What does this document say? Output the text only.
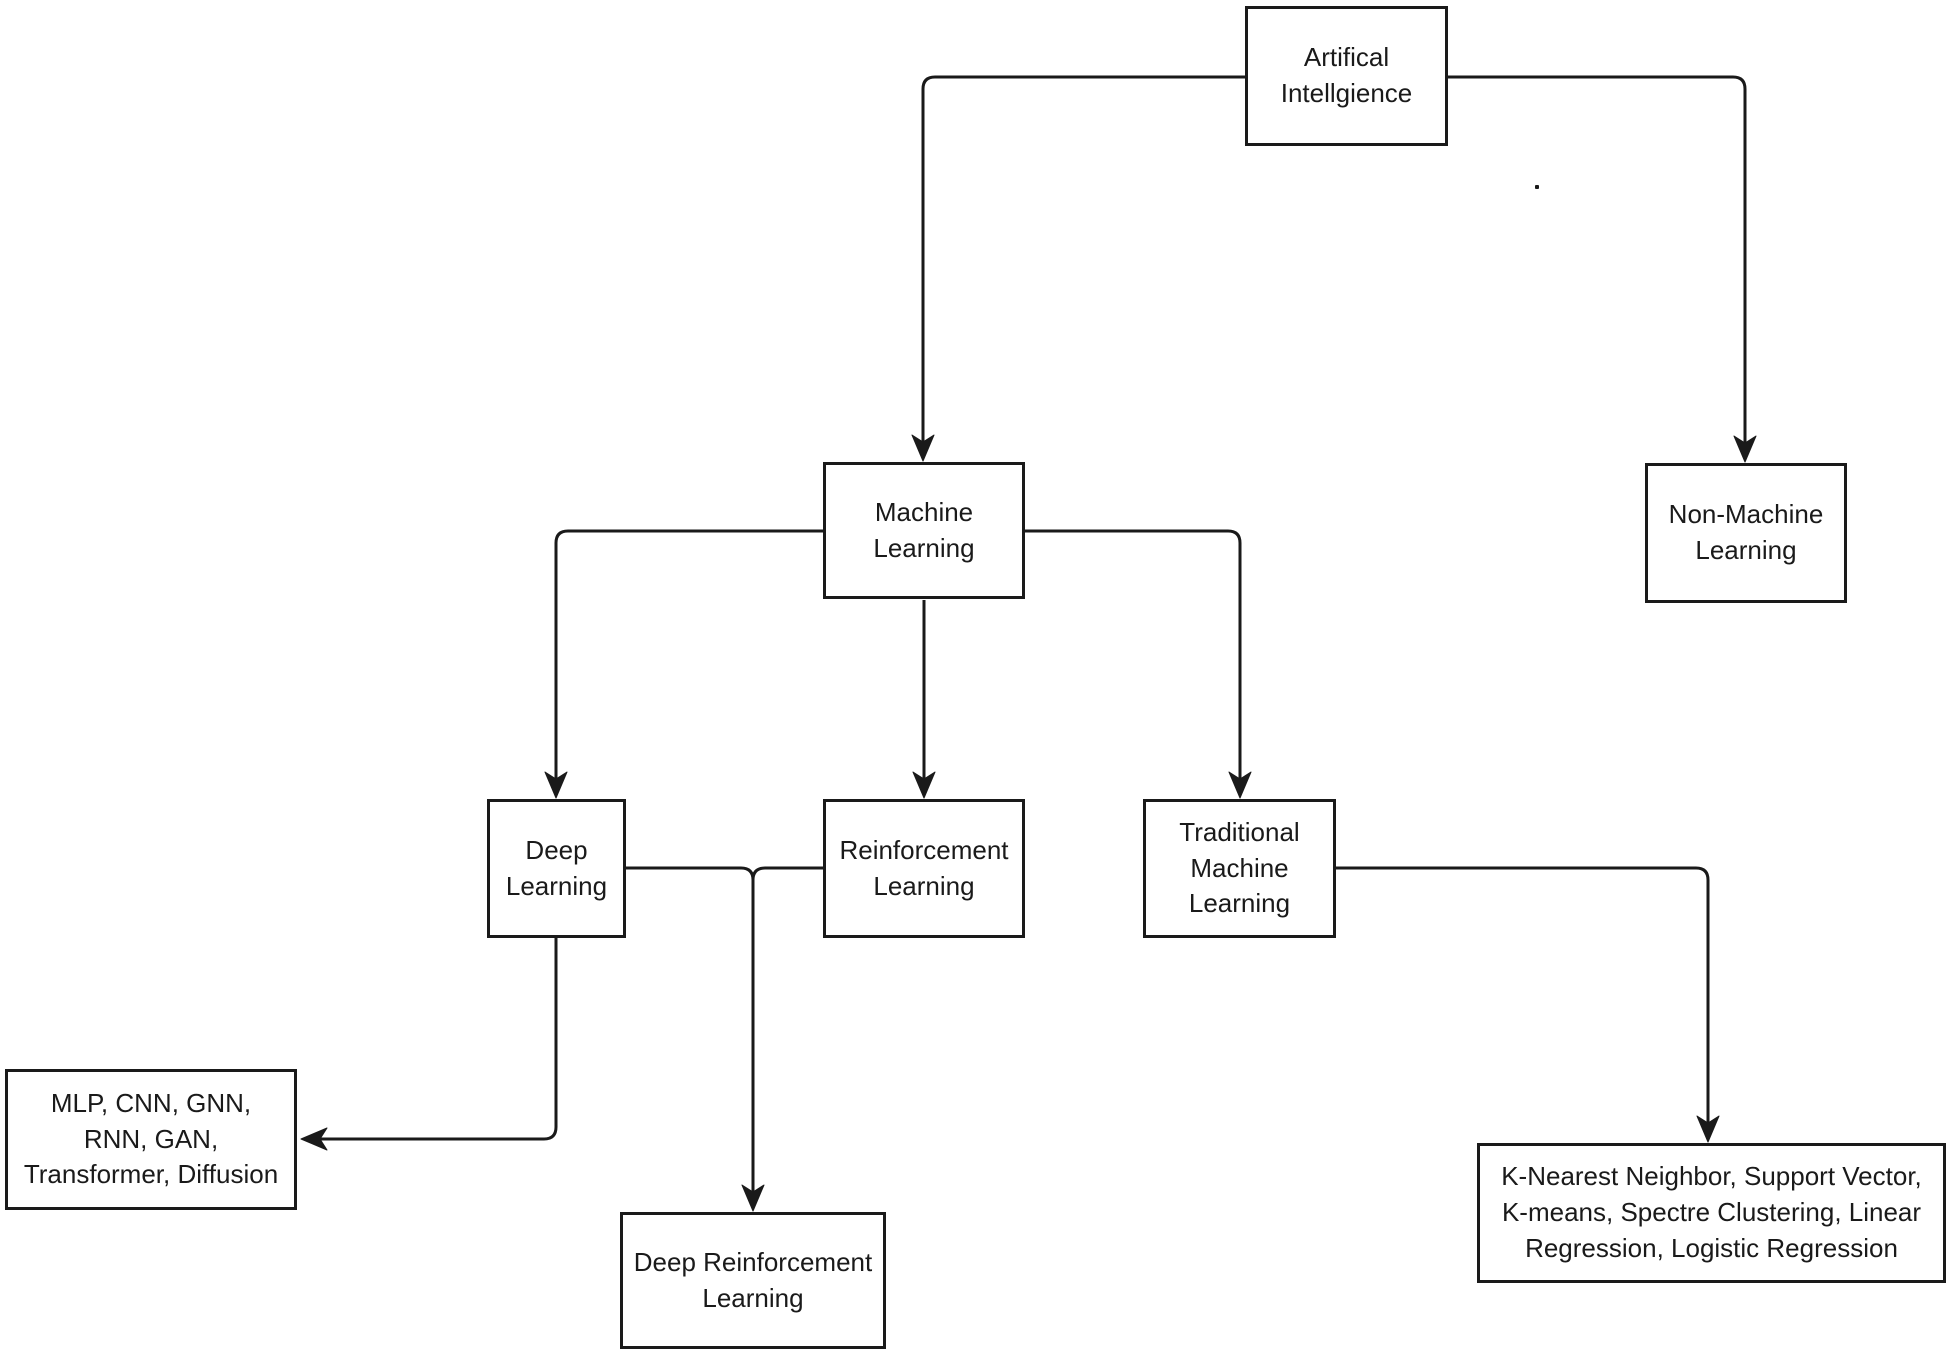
Artifical Intellgience
Machine Learning
Non-Machine Learning
Deep Learning
Reinforcement Learning
Traditional Machine Learning
MLP, CNN, GNN, RNN, GAN, Transformer, Diffusion
Deep Reinforcement Learning
K-Nearest Neighbor, Support Vector, K-means, Spectre Clustering, Linear Regression, Logistic Regression
